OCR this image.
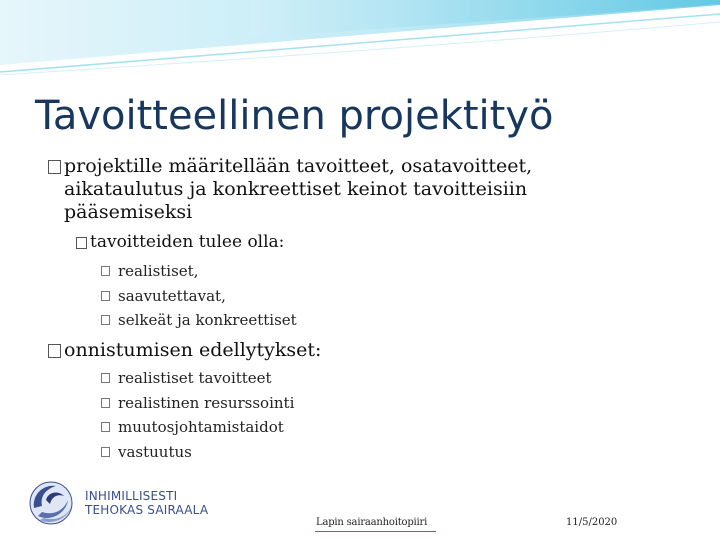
Tavoitteellinen projektityö
projektille määritellään tavoitteet, osatavoitteet,
aikataulutus ja konkreettiset keinot tavoitteisiin
pääsemiseksi
tavoitteiden tulee olla:
realistiset,
saavutettavat,
selkeät ja konkreettiset
onnistumisen edellytykset:
realistiset tavoitteet
realistinen resurssointi
muutosjohtamistaidot
vastuutus
INHIMILLISESTI
TEHOKAS SAIRAALA
Lapin sairaanhoitopiiri	11/5/2020
